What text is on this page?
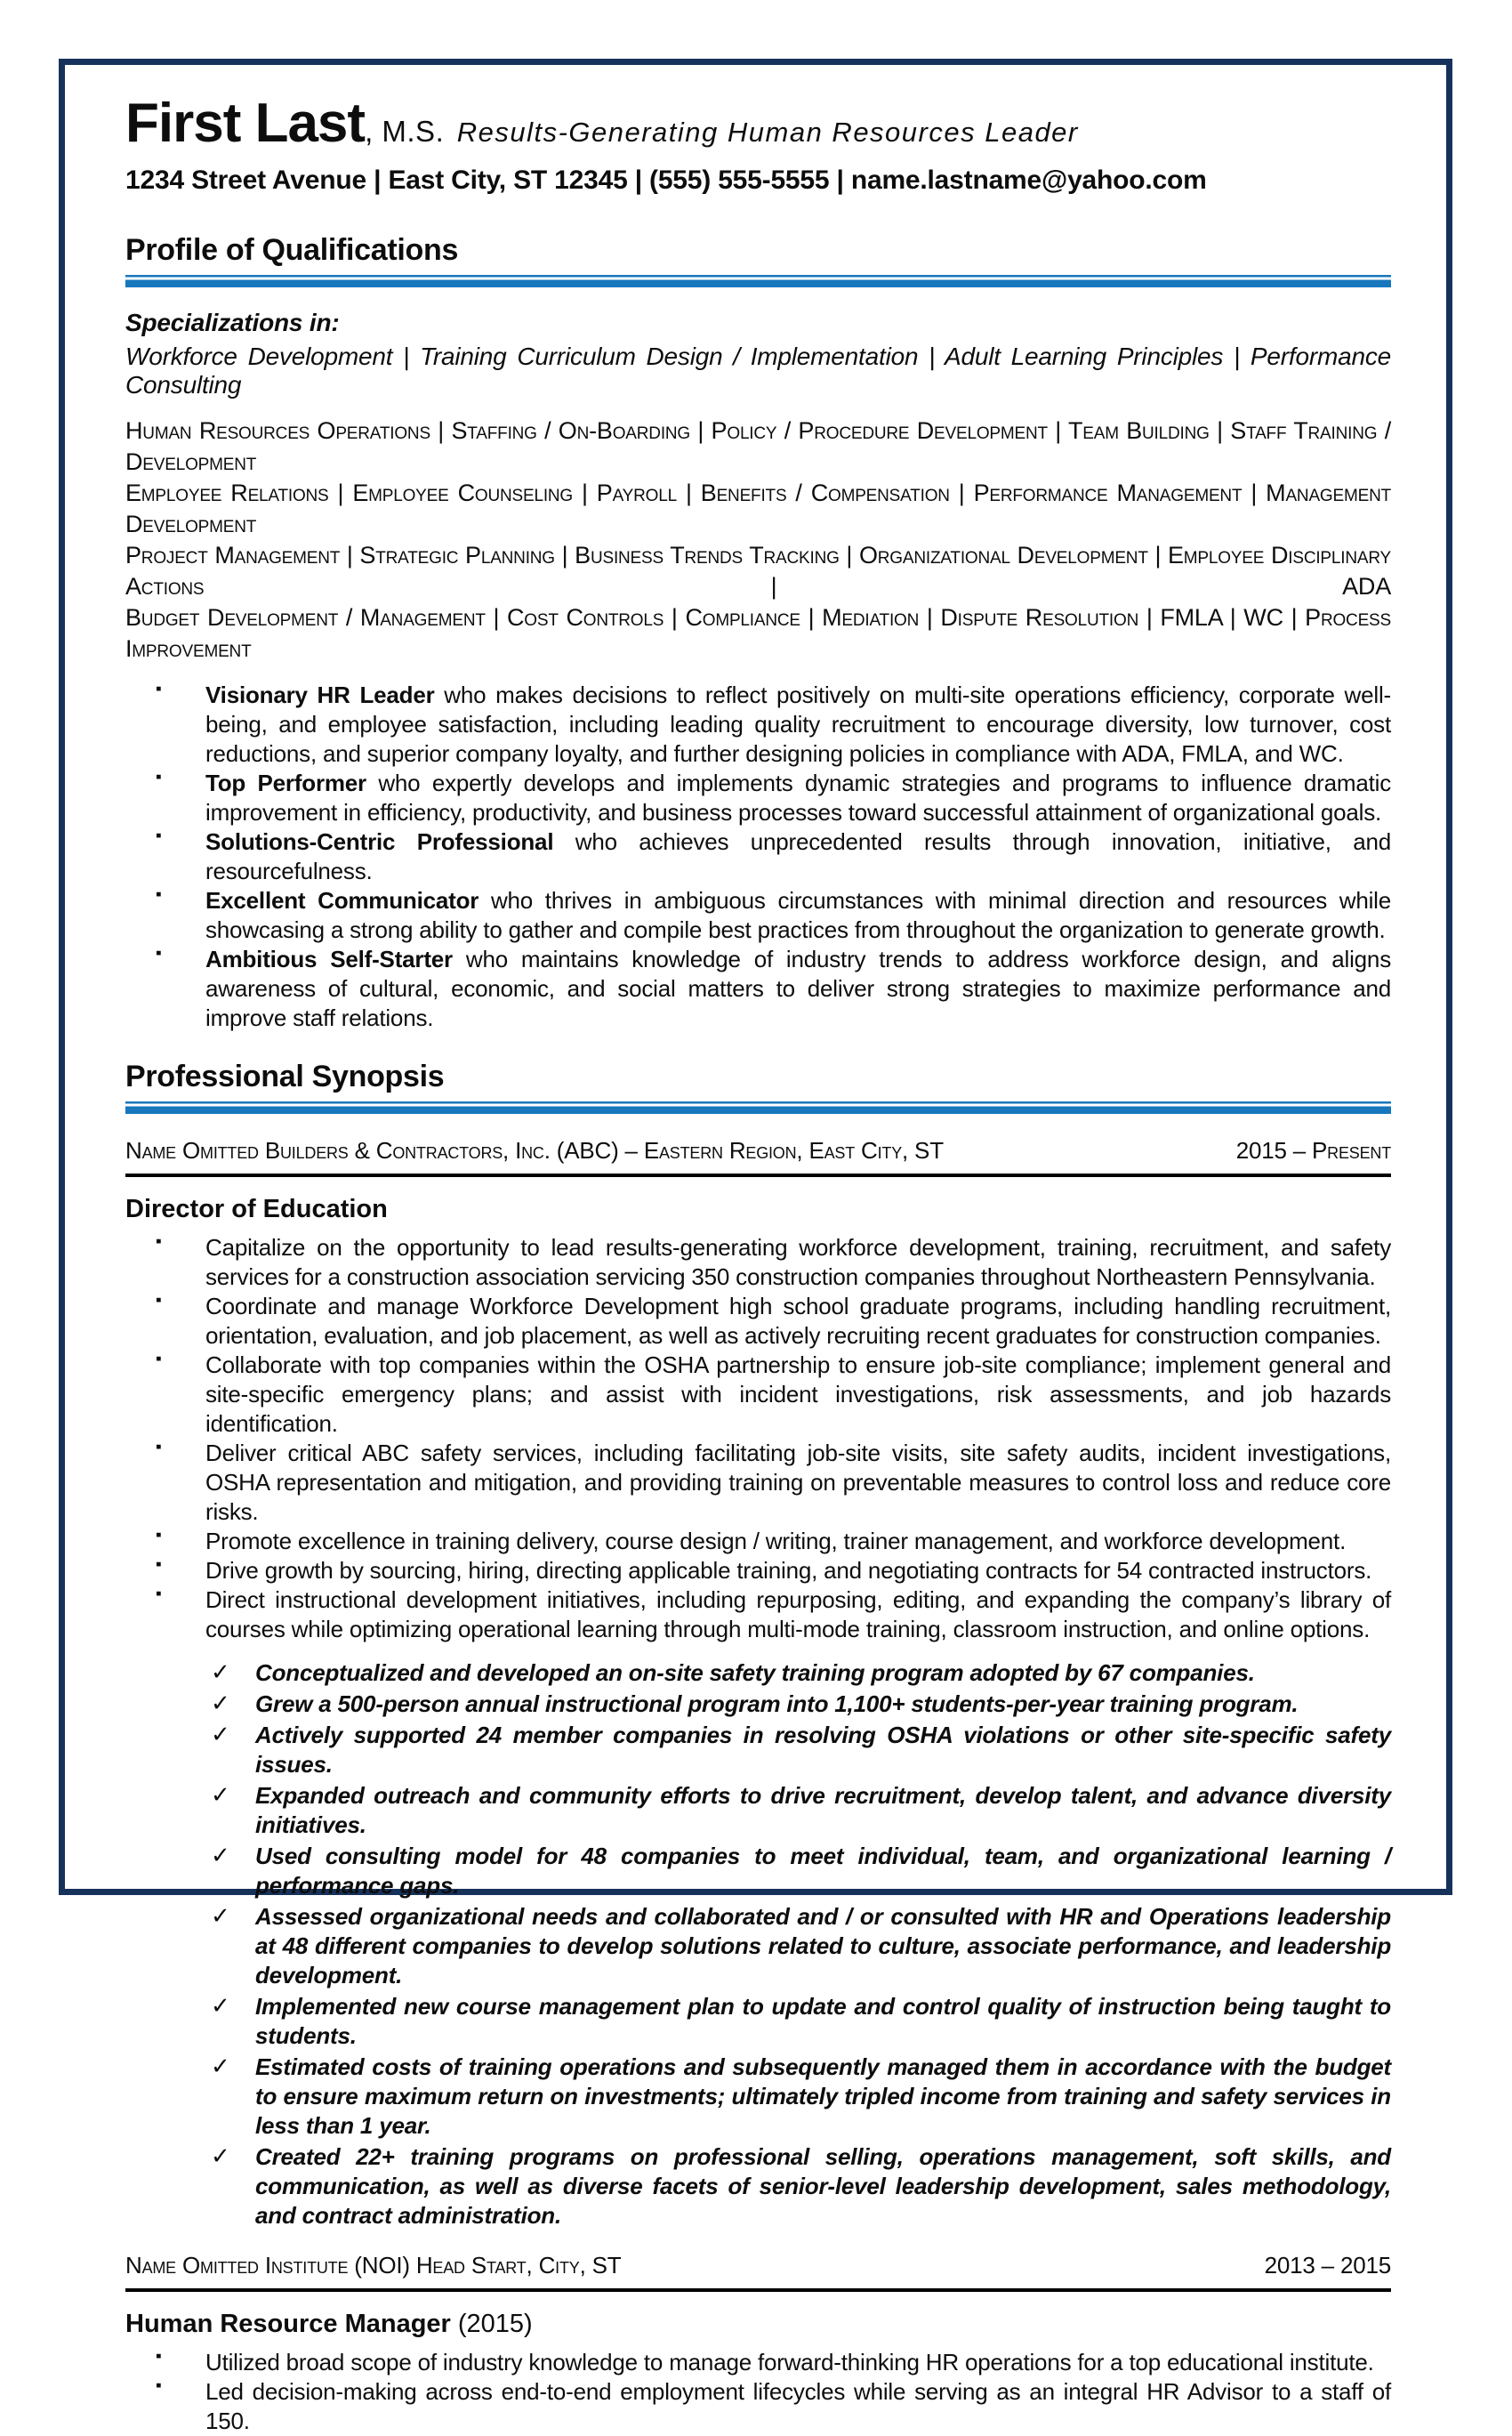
First Last, M.S. Results-Generating Human Resources Leader
1234 Street Avenue | East City, ST 12345 | (555) 555-5555 | name.lastname@yahoo.com
Profile of Qualifications

Specializations in:

Workforce Development | Training Curriculum Design / Implementation | Adult Learning Principles | Performance Consulting

Human Resources Operations | Staffing / On-Boarding | Policy / Procedure Development | Team Building | Staff Training / Development
Employee Relations | Employee Counseling | Payroll | Benefits / Compensation | Performance Management | Management Development
Project Management | Strategic Planning | Business Trends Tracking | Organizational Development | Employee Disciplinary Actions | ADA
Budget Development / Management | Cost Controls | Compliance | Mediation | Dispute Resolution | FMLA | WC | Process Improvement
▪ Visionary HR Leader who makes decisions to reflect positively on multi-site operations efficiency, corporate well-being, and employee satisfaction, including leading quality recruitment to encourage diversity, low turnover, cost reductions, and superior company loyalty, and further designing policies in compliance with ADA, FMLA, and WC.

▪ Top Performer who expertly develops and implements dynamic strategies and programs to influence dramatic improvement in efficiency, productivity, and business processes toward successful attainment of organizational goals.

▪ Solutions-Centric Professional who achieves unprecedented results through innovation, initiative, and resourcefulness.

▪ Excellent Communicator who thrives in ambiguous circumstances with minimal direction and resources while showcasing a strong ability to gather and compile best practices from throughout the organization to generate growth.

▪ Ambitious Self-Starter who maintains knowledge of industry trends to address workforce design, and aligns awareness of cultural, economic, and social matters to deliver strong strategies to maximize performance and improve staff relations.

Professional Synopsis
Name Omitted Builders & Contractors, Inc. (ABC) – Eastern Region, East City, ST	2015 – Present
Director of Education
▪ Capitalize on the opportunity to lead results-generating workforce development, training, recruitment, and safety services for a construction association servicing 350 construction companies throughout Northeastern Pennsylvania.

▪ Coordinate and manage Workforce Development high school graduate programs, including handling recruitment, orientation, evaluation, and job placement, as well as actively recruiting recent graduates for construction companies.

▪ Collaborate with top companies within the OSHA partnership to ensure job-site compliance; implement general and site-specific emergency plans; and assist with incident investigations, risk assessments, and job hazards identification.

▪ Deliver critical ABC safety services, including facilitating job-site visits, site safety audits, incident investigations, OSHA representation and mitigation, and providing training on preventable measures to control loss and reduce core risks.

▪ Promote excellence in training delivery, course design / writing, trainer management, and workforce development.

▪ Drive growth by sourcing, hiring, directing applicable training, and negotiating contracts for 54 contracted instructors.

▪ Direct instructional development initiatives, including repurposing, editing, and expanding the company’s library of courses while optimizing operational learning through multi-mode training, classroom instruction, and online options.

✓ Conceptualized and developed an on-site safety training program adopted by 67 companies.

✓ Grew a 500-person annual instructional program into 1,100+ students-per-year training program.

✓ Actively supported 24 member companies in resolving OSHA violations or other site-specific safety issues.

✓ Expanded outreach and community efforts to drive recruitment, develop talent, and advance diversity initiatives.

✓ Used consulting model for 48 companies to meet individual, team, and organizational learning / performance gaps.

✓ Assessed organizational needs and collaborated and / or consulted with HR and Operations leadership at 48 different companies to develop solutions related to culture, associate performance, and leadership development.

✓ Implemented new course management plan to update and control quality of instruction being taught to students.

✓ Estimated costs of training operations and subsequently managed them in accordance with the budget to ensure maximum return on investments; ultimately tripled income from training and safety services in less than 1 year.

✓ Created 22+ training programs on professional selling, operations management, soft skills, and communication, as well as diverse facets of senior-level leadership development, sales methodology, and contract administration.

Name Omitted Institute (NOI) Head Start, City, ST	2013 – 2015
Human Resource Manager (2015)
▪ Utilized broad scope of industry knowledge to manage forward-thinking HR operations for a top educational institute.

▪ Led decision-making across end-to-end employment lifecycles while serving as an integral HR Advisor to a staff of 150.
